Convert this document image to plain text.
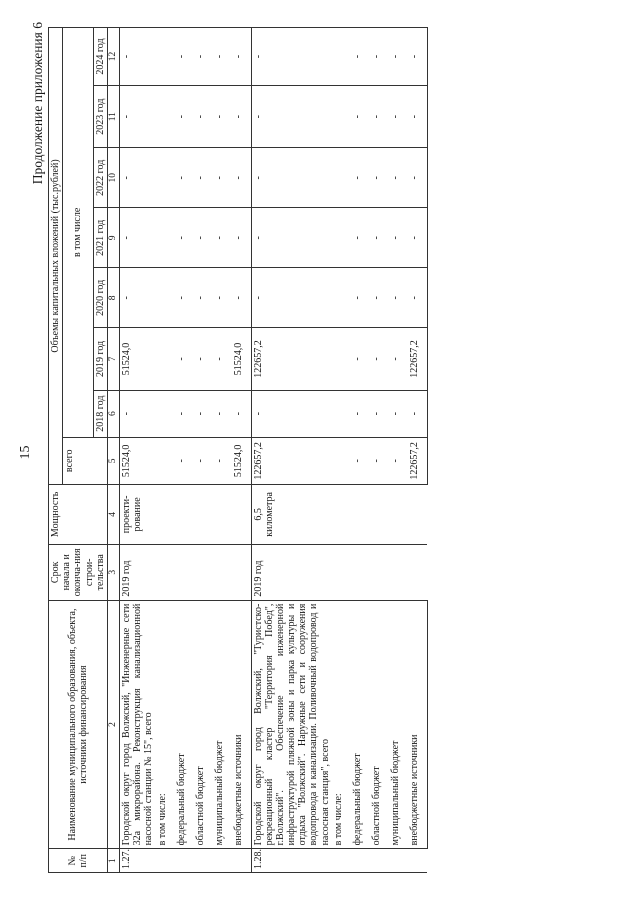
15
Продолжение приложения 6
№ п/п	Наименование муниципального образования, объекта, источники финансирования	Срок начала и оконча-ния строи-тельства	Мощность	Объемы капитальных вложений (тыс.рублей)							
				всего	в том числе						
					2018 год	2019 год	2020 год	2021 год	2022 год	2023 год	2024 год
1	2	3	4	5	6	7	8	9	10	11	12
1.27.	Городской округ город Волжский, "Инженерные сети 32а микрорайона. Реконструкция канализационной насосной станции № 15", всего	2019 год	проекти-рование	51524,0	-	51524,0	-	-	-	-	-
	в том числе:										
	федеральный бюджет			-	-	-	-	-	-	-	-
	областной бюджет			-	-	-	-	-	-	-	-
	муниципальный бюджет			-	-	-	-	-	-	-	-
	внебюджетные источники			51524,0	-	51524,0	-	-	-	-	-
1.28.	Городской округ город Волжский, "Туристско-рекреационный кластер "Территория Побед", г.Волжский". Обеспечение инженерной инфраструктурой пляжной зоны и парка культуры и отдыха "Волжский". Наружные сети и сооружения водопровода и канализации. Поливочный водопровод и насосная станция", всего	2019 год	6,5 километра	122657,2	-	122657,2	-	-	-	-	-
	в том числе:										
	федеральный бюджет			-	-	-	-	-	-	-	-
	областной бюджет			-	-	-	-	-	-	-	-
	муниципальный бюджет			-	-	-	-	-	-	-	-
	внебюджетные источники			122657,2	-	122657,2	-	-	-	-	-
